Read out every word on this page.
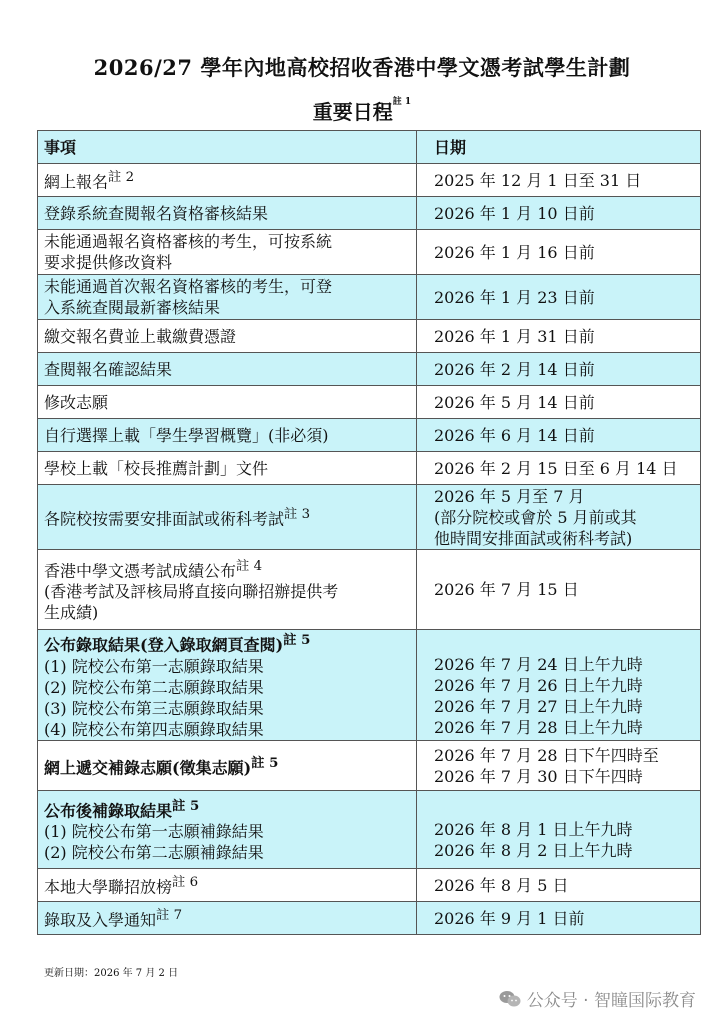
2026/27 學年內地高校招收香港中學文憑考試學生計劃
重要日程$^{註 1}$
事項	日期

網上報名$^{註 2}$	2025 年 12 月 1 日至 31 日

登錄系統查閱報名資格審核結果	2026 年 1 月 10 日前

未能通過報名資格審核的考生，可按系統
要求提供修改資料	2026 年 1 月 16 日前

未能通過首次報名資格審核的考生，可登
入系統查閱最新審核結果	2026 年 1 月 23 日前

繳交報名費並上載繳費憑證	2026 年 1 月 31 日前

查閱報名確認結果	2026 年 2 月 14 日前

修改志願	2026 年 5 月 14 日前

自行選擇上載「學生學習概覽」(非必須)	2026 年 6 月 14 日前

學校上載「校長推薦計劃」文件	2026 年 2 月 15 日至 6 月 14 日

各院校按需要安排面試或術科考試$^{註 3}$	2026 年 5 月至 7 月
(部分院校或會於 5 月前或其
他時間安排面試或術科考試)

香港中學文憑考試成績公布$^{註 4}$
(香港考試及評核局將直接向聯招辦提供考
生成績)	2026 年 7 月 15 日

公布錄取結果(登入錄取網頁查閱)$^{註 5}$
(1) 院校公布第一志願錄取結果
(2) 院校公布第二志願錄取結果
(3) 院校公布第三志願錄取結果
(4) 院校公布第四志願錄取結果	2026 年 7 月 24 日上午九時
2026 年 7 月 26 日上午九時
2026 年 7 月 27 日上午九時
2026 年 7 月 28 日上午九時

網上遞交補錄志願(徵集志願)$^{註 5}$	2026 年 7 月 28 日下午四時至
2026 年 7 月 30 日下午四時

公布後補錄取結果$^{註 5}$
(1) 院校公布第一志願補錄結果
(2) 院校公布第二志願補錄結果	2026 年 8 月 1 日上午九時
2026 年 8 月 2 日上午九時

本地大學聯招放榜$^{註 6}$	2026 年 8 月 5 日

錄取及入學通知$^{註 7}$	2026 年 9 月 1 日前
更新日期：2026 年 7 月 2 日
公众号 · 智瞳国际教育
